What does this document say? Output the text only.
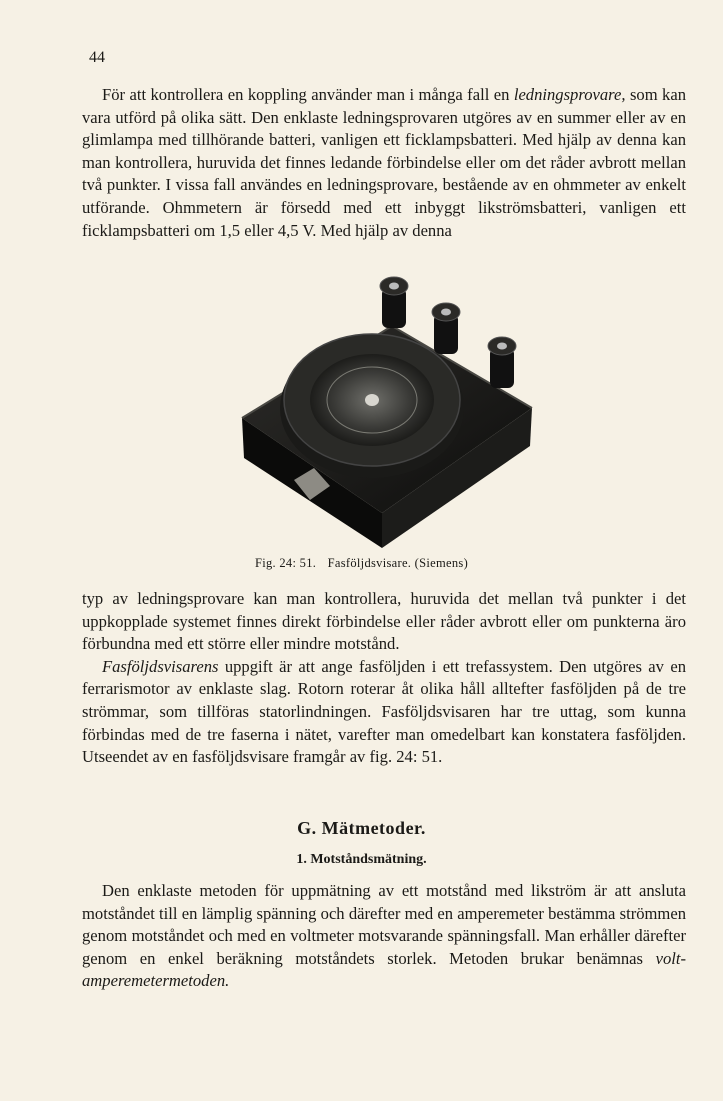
44

För att kontrollera en koppling använder man i många fall en ledningsprovare, som kan vara utförd på olika sätt. Den enklaste ledningsprovaren utgöres av en summer eller av en glimlampa med tillhörande batteri, vanligen ett ficklampsbatteri. Med hjälp av denna kan man kontrollera, huruvida det finnes ledande förbindelse eller om det råder avbrott mellan två punkter. I vissa fall användes en ledningsprovare, bestående av en ohmmeter av enkelt utförande. Ohmmetern är försedd med ett inbyggt likströmsbatteri, vanligen ett ficklampsbatteri om 1,5 eller 4,5 V. Med hjälp av denna

Fig. 24: 51. Fasföljdsvisare. (Siemens)

typ av ledningsprovare kan man kontrollera, huruvida det mellan två punkter i det uppkopplade systemet finnes direkt förbindelse eller råder avbrott eller om punkterna äro förbundna med ett större eller mindre motstånd.

Fasföljdsvisarens uppgift är att ange fasföljden i ett trefassystem. Den utgöres av en ferrarismotor av enklaste slag. Rotorn roterar åt olika håll alltefter fasföljden på de tre strömmar, som tillföras statorlindningen. Fasföljdsvisaren har tre uttag, som kunna förbindas med de tre faserna i nätet, varefter man omedelbart kan konstatera fasföljden. Utseendet av en fasföljdsvisare framgår av fig. 24: 51.

G. Mätmetoder.
1. Motståndsmätning.

Den enklaste metoden för uppmätning av ett motstånd med likström är att ansluta motståndet till en lämplig spänning och därefter med en amperemeter bestämma strömmen genom motståndet och med en voltmeter motsvarande spänningsfall. Man erhåller därefter genom en enkel beräkning motståndets storlek. Metoden brukar benämnas volt-amperemetermetoden.
